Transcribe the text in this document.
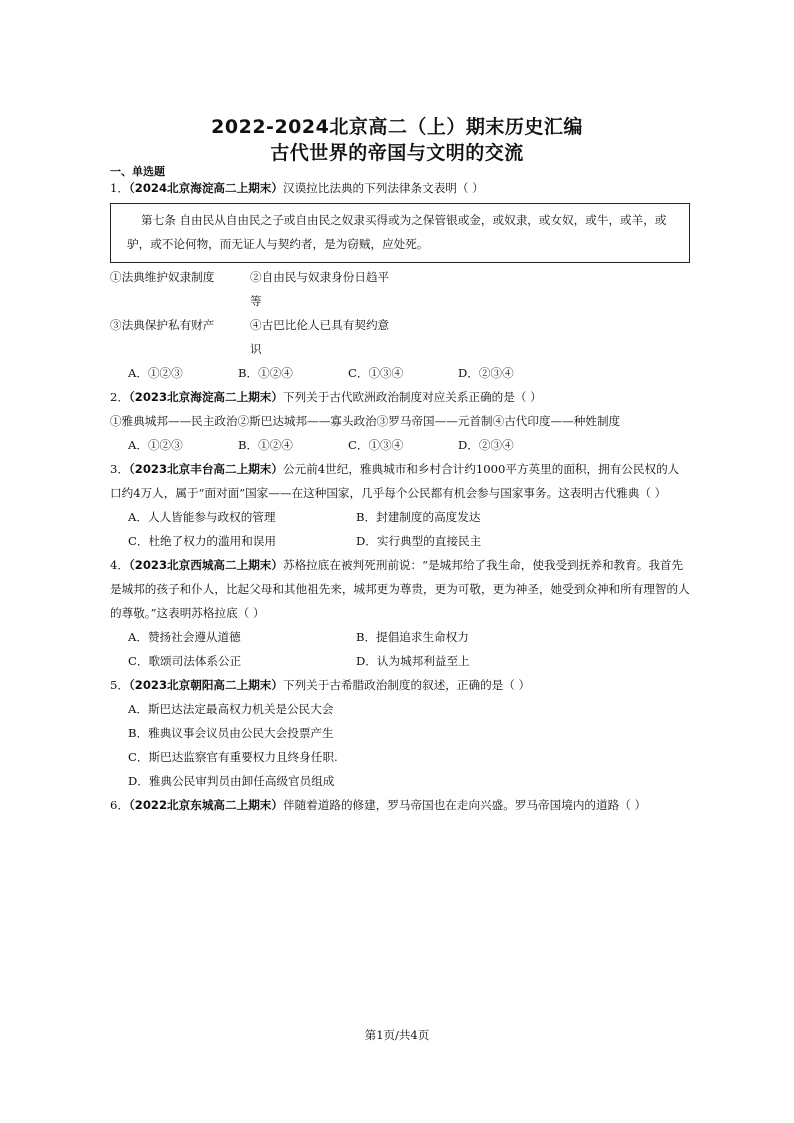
2022-2024北京高二（上）期末历史汇编
古代世界的帝国与文明的交流
一、单选题

1．（2024北京海淀高二上期末）汉谟拉比法典的下列法律条文表明（ ）

第七条 自由民从自由民之子或自由民之奴隶买得或为之保管银或金，或奴隶，或女奴，或牛，或羊，或驴，或不论何物，而无证人与契约者，是为窃贼，应处死。
①法典维护奴隶制度	②自由民与奴隶身份日趋平等
③法典保护私有财产	④古巴比伦人已具有契约意识
A．①②③	B．①②④	C．①③④	D．②③④

2．（2023北京海淀高二上期末）下列关于古代欧洲政治制度对应关系正确的是（ ）

①雅典城邦——民主政治②斯巴达城邦——寡头政治③罗马帝国——元首制④古代印度——种姓制度

A．①②③	B．①②④	C．①③④	D．②③④

3．（2023北京丰台高二上期末）公元前4世纪，雅典城市和乡村合计约1000平方英里的面积，拥有公民权的人口约4万人，属于“面对面”国家——在这种国家，几乎每个公民都有机会参与国家事务。这表明古代雅典（ ）

A．人人皆能参与政权的管理	B．封建制度的高度发达
C．杜绝了权力的滥用和误用	D．实行典型的直接民主

4．（2023北京西城高二上期末）苏格拉底在被判死刑前说：“是城邦给了我生命，使我受到抚养和教育。我首先是城邦的孩子和仆人，比起父母和其他祖先来，城邦更为尊贵，更为可敬，更为神圣，她受到众神和所有理智的人的尊敬。”这表明苏格拉底（ ）

A．赞扬社会遵从道德	B．提倡追求生命权力
C．歌颂司法体系公正	D．认为城邦利益至上

5．（2023北京朝阳高二上期末）下列关于古希腊政治制度的叙述，正确的是（ ）

A．斯巴达法定最高权力机关是公民大会
B．雅典议事会议员由公民大会投票产生
C．斯巴达监察官有重要权力且终身任职.
D．雅典公民审判员由卸任高级官员组成

6．（2022北京东城高二上期末）伴随着道路的修建，罗马帝国也在走向兴盛。罗马帝国境内的道路（ ）

第1页/共4页
